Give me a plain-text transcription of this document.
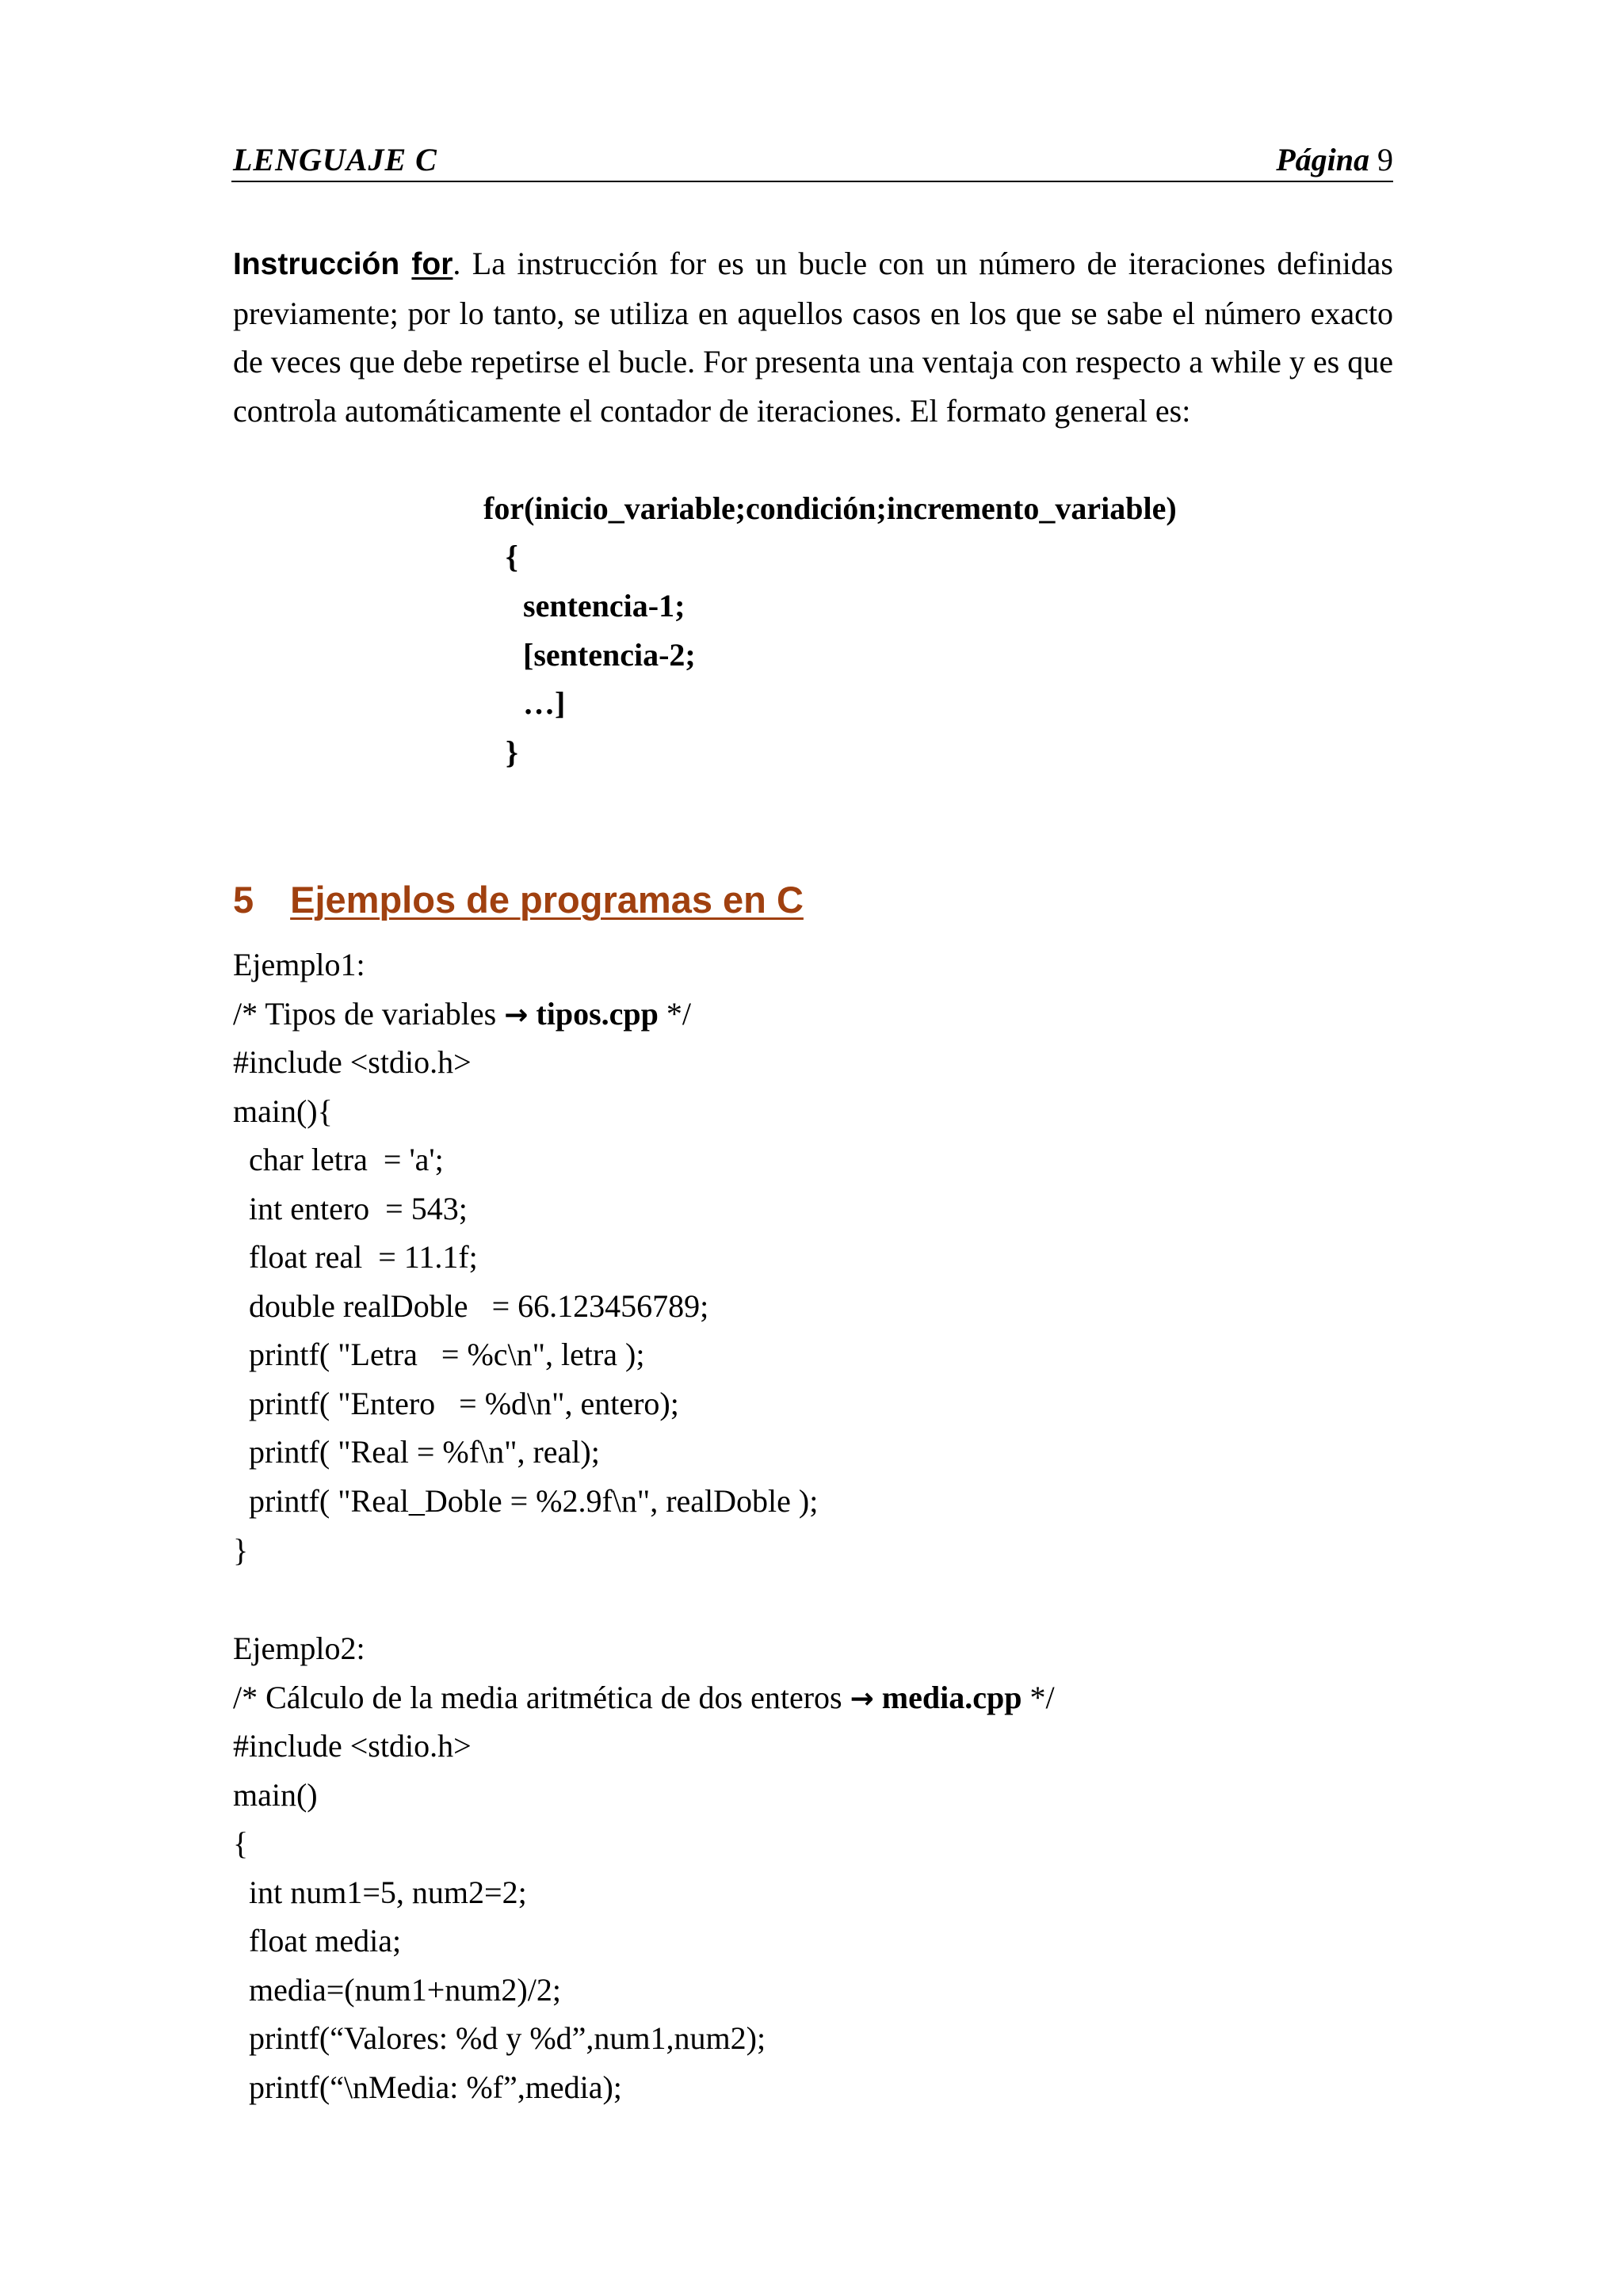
LENGUAJE C	Página 9
Instrucción for. La instrucción for es un bucle con un número de iteraciones definidas previamente; por lo tanto, se utiliza en aquellos casos en los que se sabe el número exacto de veces que debe repetirse el bucle. For presenta una ventaja con respecto a while y es que controla automáticamente el contador de iteraciones. El formato general es:
for(inicio_variable;condición;incremento_variable)
{
sentencia-1;
[sentencia-2;
…]
}
5 Ejemplos de programas en C
Ejemplo1:
/* Tipos de variables → tipos.cpp */
#include <stdio.h>
main(){
char letra  = 'a';
int entero  = 543;
float real  = 11.1f;
double realDoble   = 66.123456789;
printf( "Letra   = %c\n", letra );
printf( "Entero   = %d\n", entero);
printf( "Real = %f\n", real);
printf( "Real_Doble = %2.9f\n", realDoble );
}
Ejemplo2:
/* Cálculo de la media aritmética de dos enteros → media.cpp */
#include <stdio.h>
main()
{
int num1=5, num2=2;
float media;
media=(num1+num2)/2;
printf(“Valores: %d y %d”,num1,num2);
printf(“\nMedia: %f”,media);
